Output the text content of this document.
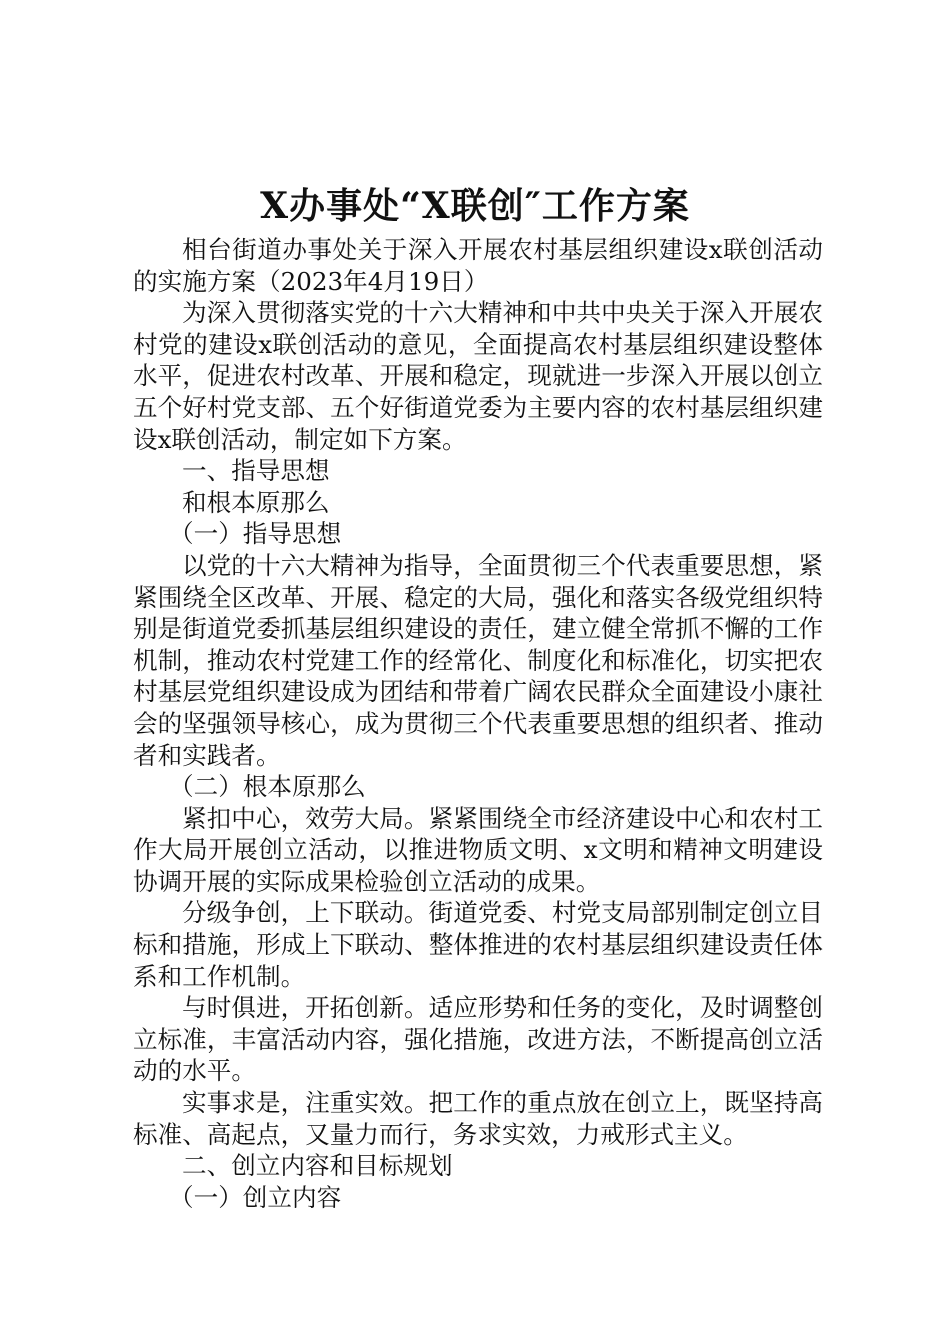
X办事处“X联创″工作方案

相台街道办事处关于深入开展农村基层组织建设x联创活动的实施方案（2023年4月19日）

为深入贯彻落实党的十六大精神和中共中央关于深入开展农村党的建设x联创活动的意见，全面提高农村基层组织建设整体水平，促进农村改革、开展和稳定，现就进一步深入开展以创立五个好村党支部、五个好街道党委为主要内容的农村基层组织建设x联创活动，制定如下方案。

一、指导思想

和根本原那么

（一）指导思想

以党的十六大精神为指导，全面贯彻三个代表重要思想，紧紧围绕全区改革、开展、稳定的大局，强化和落实各级党组织特别是街道党委抓基层组织建设的责任，建立健全常抓不懈的工作机制，推动农村党建工作的经常化、制度化和标准化，切实把农村基层党组织建设成为团结和带着广阔农民群众全面建设小康社会的坚强领导核心，成为贯彻三个代表重要思想的组织者、推动者和实践者。

（二）根本原那么

紧扣中心，效劳大局。紧紧围绕全市经济建设中心和农村工作大局开展创立活动，以推进物质文明、x文明和精神文明建设协调开展的实际成果检验创立活动的成果。

分级争创，上下联动。街道党委、村党支局部别制定创立目标和措施，形成上下联动、整体推进的农村基层组织建设责任体系和工作机制。

与时俱进，开拓创新。适应形势和任务的变化，及时调整创立标准，丰富活动内容，强化措施，改进方法，不断提高创立活动的水平。

实事求是，注重实效。把工作的重点放在创立上，既坚持高标准、高起点，又量力而行，务求实效，力戒形式主义。

二、创立内容和目标规划

（一）创立内容
